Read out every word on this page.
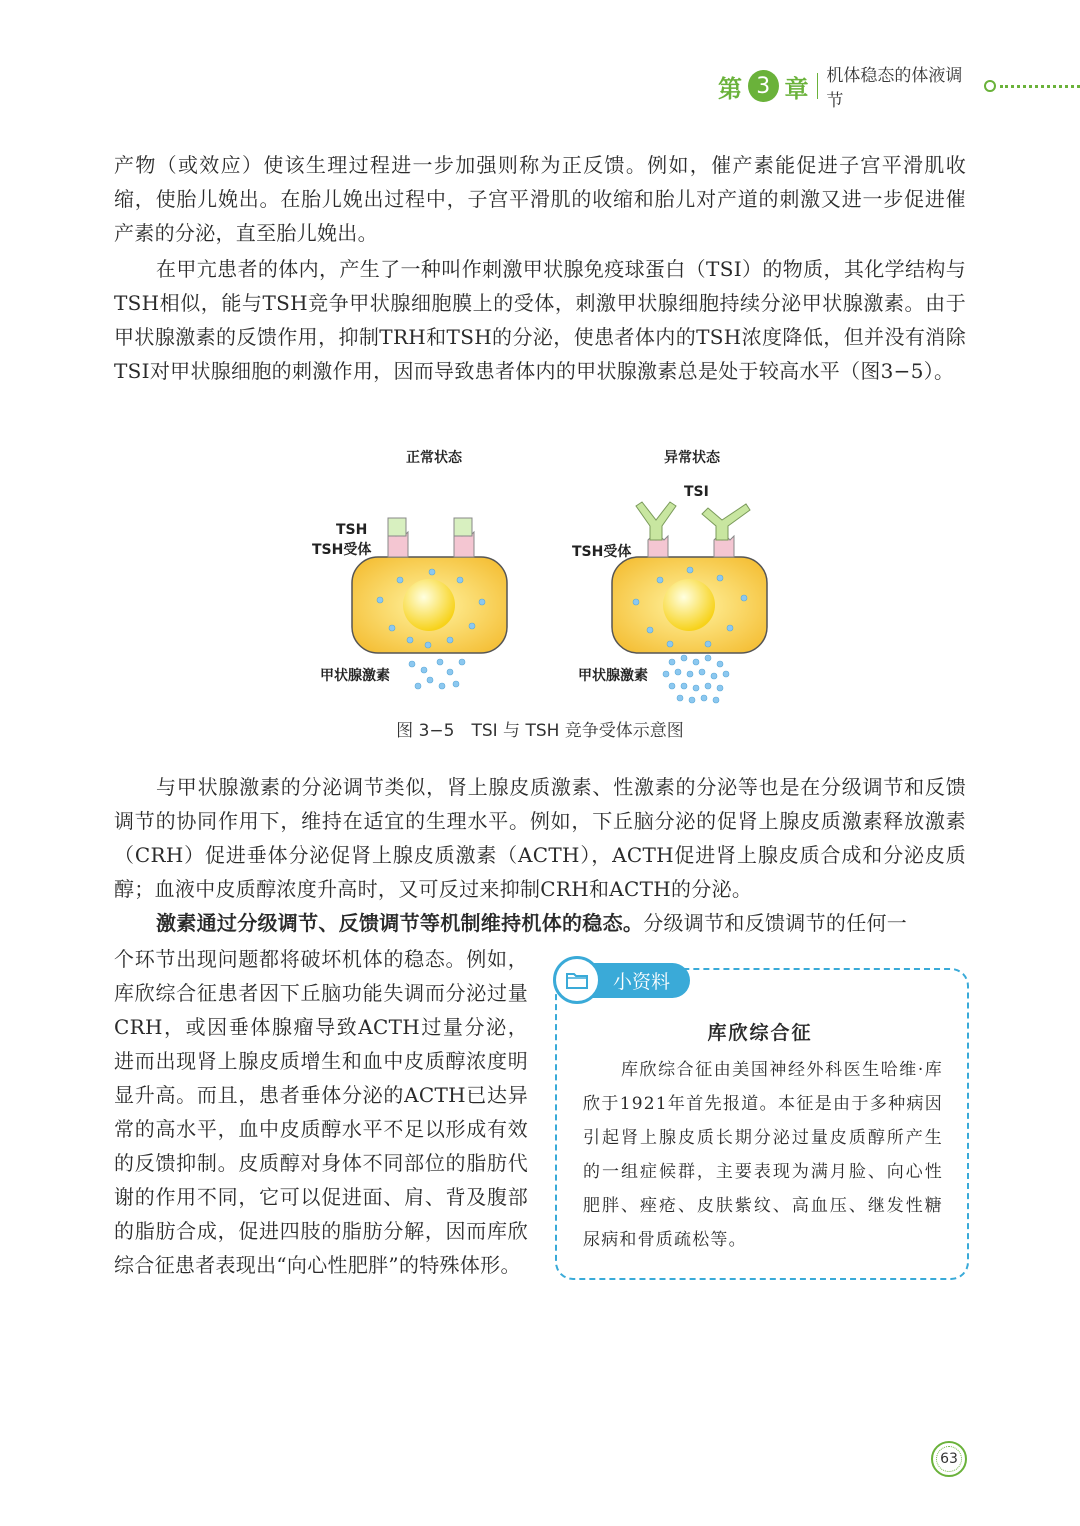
第 3 章 机体稳态的体液调节

产物（或效应）使该生理过程进一步加强则称为正反馈。例如，催产素能促进子宫平滑肌收缩，使胎儿娩出。在胎儿娩出过程中，子宫平滑肌的收缩和胎儿对产道的刺激又进一步促进催产素的分泌，直至胎儿娩出。

在甲亢患者的体内，产生了一种叫作刺激甲状腺免疫球蛋白（TSI）的物质，其化学结构与TSH相似，能与TSH竞争甲状腺细胞膜上的受体，刺激甲状腺细胞持续分泌甲状腺激素。由于甲状腺激素的反馈作用，抑制TRH和TSH的分泌，使患者体内的TSH浓度降低，但并没有消除TSI对甲状腺细胞的刺激作用，因而导致患者体内的甲状腺激素总是处于较高水平（图3−5）。

正常状态	异常状态
TSH
TSH受体
甲状腺激素
TSI
TSH受体
甲状腺激素
图 3−5　TSI 与 TSH 竞争受体示意图

与甲状腺激素的分泌调节类似，肾上腺皮质激素、性激素的分泌等也是在分级调节和反馈调节的协同作用下，维持在适宜的生理水平。例如，下丘脑分泌的促肾上腺皮质激素释放激素（CRH）促进垂体分泌促肾上腺皮质激素（ACTH），ACTH促进肾上腺皮质合成和分泌皮质醇；血液中皮质醇浓度升高时，又可反过来抑制CRH和ACTH的分泌。

激素通过分级调节、反馈调节等机制维持机体的稳态。分级调节和反馈调节的任何一

个环节出现问题都将破坏机体的稳态。例如，库欣综合征患者因下丘脑功能失调而分泌过量CRH，或因垂体腺瘤导致ACTH过量分泌，进而出现肾上腺皮质增生和血中皮质醇浓度明显升高。而且，患者垂体分泌的ACTH已达异常的高水平，血中皮质醇水平不足以形成有效的反馈抑制。皮质醇对身体不同部位的脂肪代谢的作用不同，它可以促进面、肩、背及腹部的脂肪合成，促进四肢的脂肪分解，因而库欣综合征患者表现出“向心性肥胖”的特殊体形。

小资料
库欣综合征

库欣综合征由美国神经外科医生哈维·库欣于1921年首先报道。本征是由于多种病因引起肾上腺皮质长期分泌过量皮质醇所产生的一组症候群，主要表现为满月脸、向心性肥胖、痤疮、皮肤紫纹、高血压、继发性糖尿病和骨质疏松等。

63
